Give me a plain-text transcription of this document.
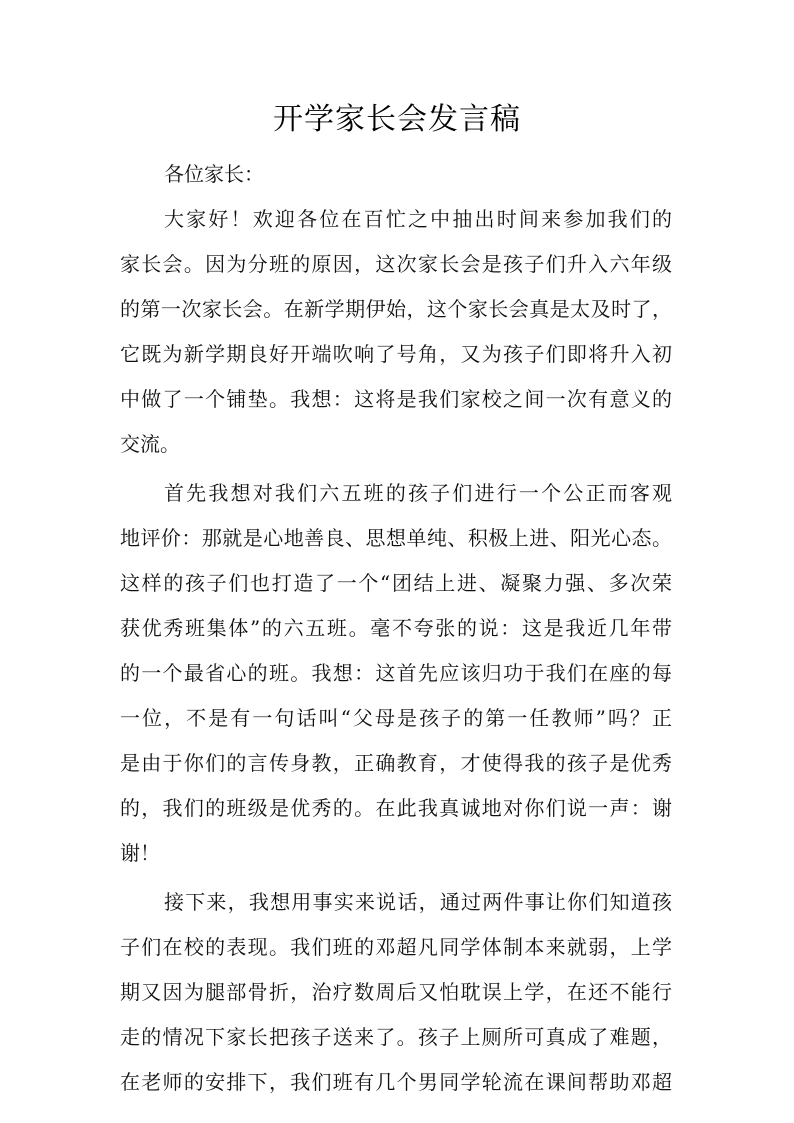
开学家长会发言稿
各位家长：
大家好！欢迎各位在百忙之中抽出时间来参加我们的
家长会。因为分班的原因，这次家长会是孩子们升入六年级
的第一次家长会。在新学期伊始，这个家长会真是太及时了，
它既为新学期良好开端吹响了号角，又为孩子们即将升入初
中做了一个铺垫。我想：这将是我们家校之间一次有意义的
交流。
首先我想对我们六五班的孩子们进行一个公正而客观
地评价：那就是心地善良、思想单纯、积极上进、阳光心态。
这样的孩子们也打造了一个“团结上进、凝聚力强、多次荣
获优秀班集体”的六五班。毫不夸张的说：这是我近几年带
的一个最省心的班。我想：这首先应该归功于我们在座的每
一位，不是有一句话叫“父母是孩子的第一任教师”吗？正
是由于你们的言传身教，正确教育，才使得我的孩子是优秀
的，我们的班级是优秀的。在此我真诚地对你们说一声：谢
谢！
接下来，我想用事实来说话，通过两件事让你们知道孩
子们在校的表现。我们班的邓超凡同学体制本来就弱，上学
期又因为腿部骨折，治疗数周后又怕耽误上学，在还不能行
走的情况下家长把孩子送来了。孩子上厕所可真成了难题，
在老师的安排下，我们班有几个男同学轮流在课间帮助邓超
